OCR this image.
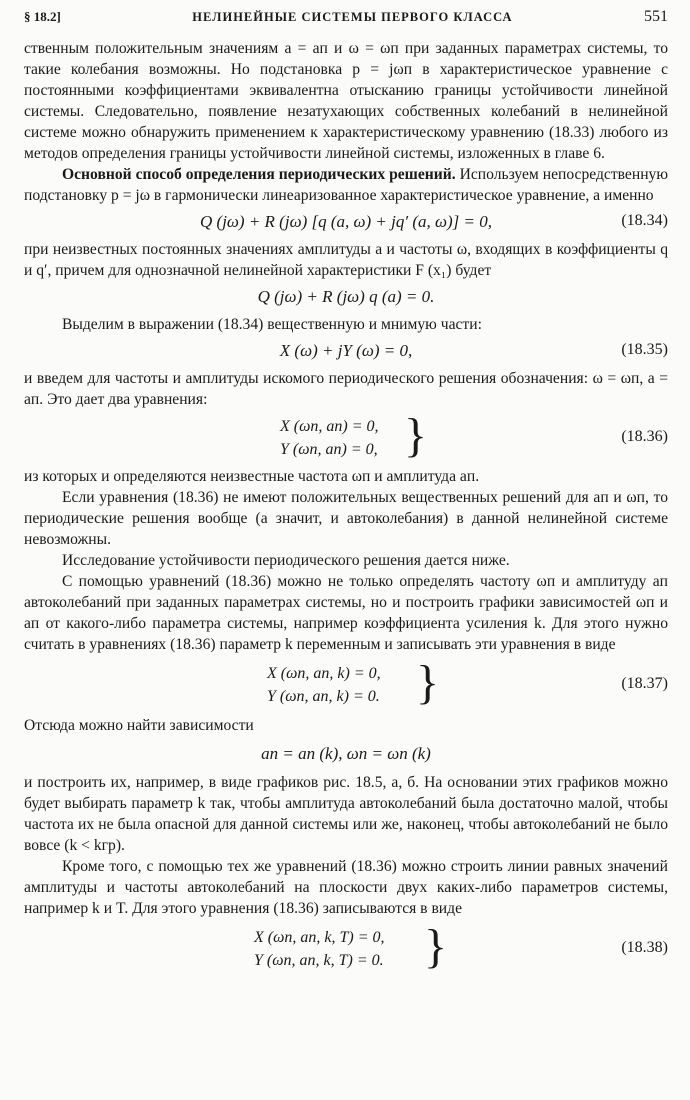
§ 18.2]	НЕЛИНЕЙНЫЕ СИСТЕМЫ ПЕРВОГО КЛАССА	551

ственным положительным значениям a = aп и ω = ωп при заданных параметрах системы, то такие колебания возможны. Но подстановка p = jωп в характеристическое уравнение с постоянными коэффициентами эквивалентна отысканию границы устойчивости линейной системы. Следовательно, появление незатухающих собственных колебаний в нелинейной системе можно обнаружить применением к характеристическому уравнению (18.33) любого из методов определения границы устойчивости линейной системы, изложенных в главе 6.

Основной способ определения периодических решений. Используем непосредственную подстановку p = jω в гармонически линеаризованное характеристическое уравнение, а именно

Q (jω) + R (jω) [q (a, ω) + jq′ (a, ω)] = 0,	(18.34)

при неизвестных постоянных значениях амплитуды a и частоты ω, входящих в коэффициенты q и q′, причем для однозначной нелинейной характеристики F (x₁) будет

Q (jω) + R (jω) q (a) = 0.

Выделим в выражении (18.34) вещественную и мнимую части:

X (ω) + jY (ω) = 0,	(18.35)

и введем для частоты и амплитуды искомого периодического решения обозначения: ω = ωп, a = aп. Это дает два уравнения:

X (ωп, aп) = 0,
Y (ωп, aп) = 0, }	(18.36)

из которых и определяются неизвестные частота ωп и амплитуда aп.

Если уравнения (18.36) не имеют положительных вещественных решений для aп и ωп, то периодические решения вообще (а значит, и автоколебания) в данной нелинейной системе невозможны.

Исследование устойчивости периодического решения дается ниже.

С помощью уравнений (18.36) можно не только определять частоту ωп и амплитуду aп автоколебаний при заданных параметрах системы, но и построить графики зависимостей ωп и aп от какого-либо параметра системы, например коэффициента усиления k. Для этого нужно считать в уравнениях (18.36) параметр k переменным и записывать эти уравнения в виде

X (ωп, aп, k) = 0,
Y (ωп, aп, k) = 0. }	(18.37)

Отсюда можно найти зависимости

aп = aп (k), ωп = ωп (k)

и построить их, например, в виде графиков рис. 18.5, а, б. На основании этих графиков можно будет выбирать параметр k так, чтобы амплитуда автоколебаний была достаточно малой, чтобы частота их не была опасной для данной системы или же, наконец, чтобы автоколебаний не было вовсе (k < kгр).

Кроме того, с помощью тех же уравнений (18.36) можно строить линии равных значений амплитуды и частоты автоколебаний на плоскости двух каких-либо параметров системы, например k и T. Для этого уравнения (18.36) записываются в виде

X (ωп, aп, k, T) = 0,
Y (ωп, aп, k, T) = 0. }	(18.38)
